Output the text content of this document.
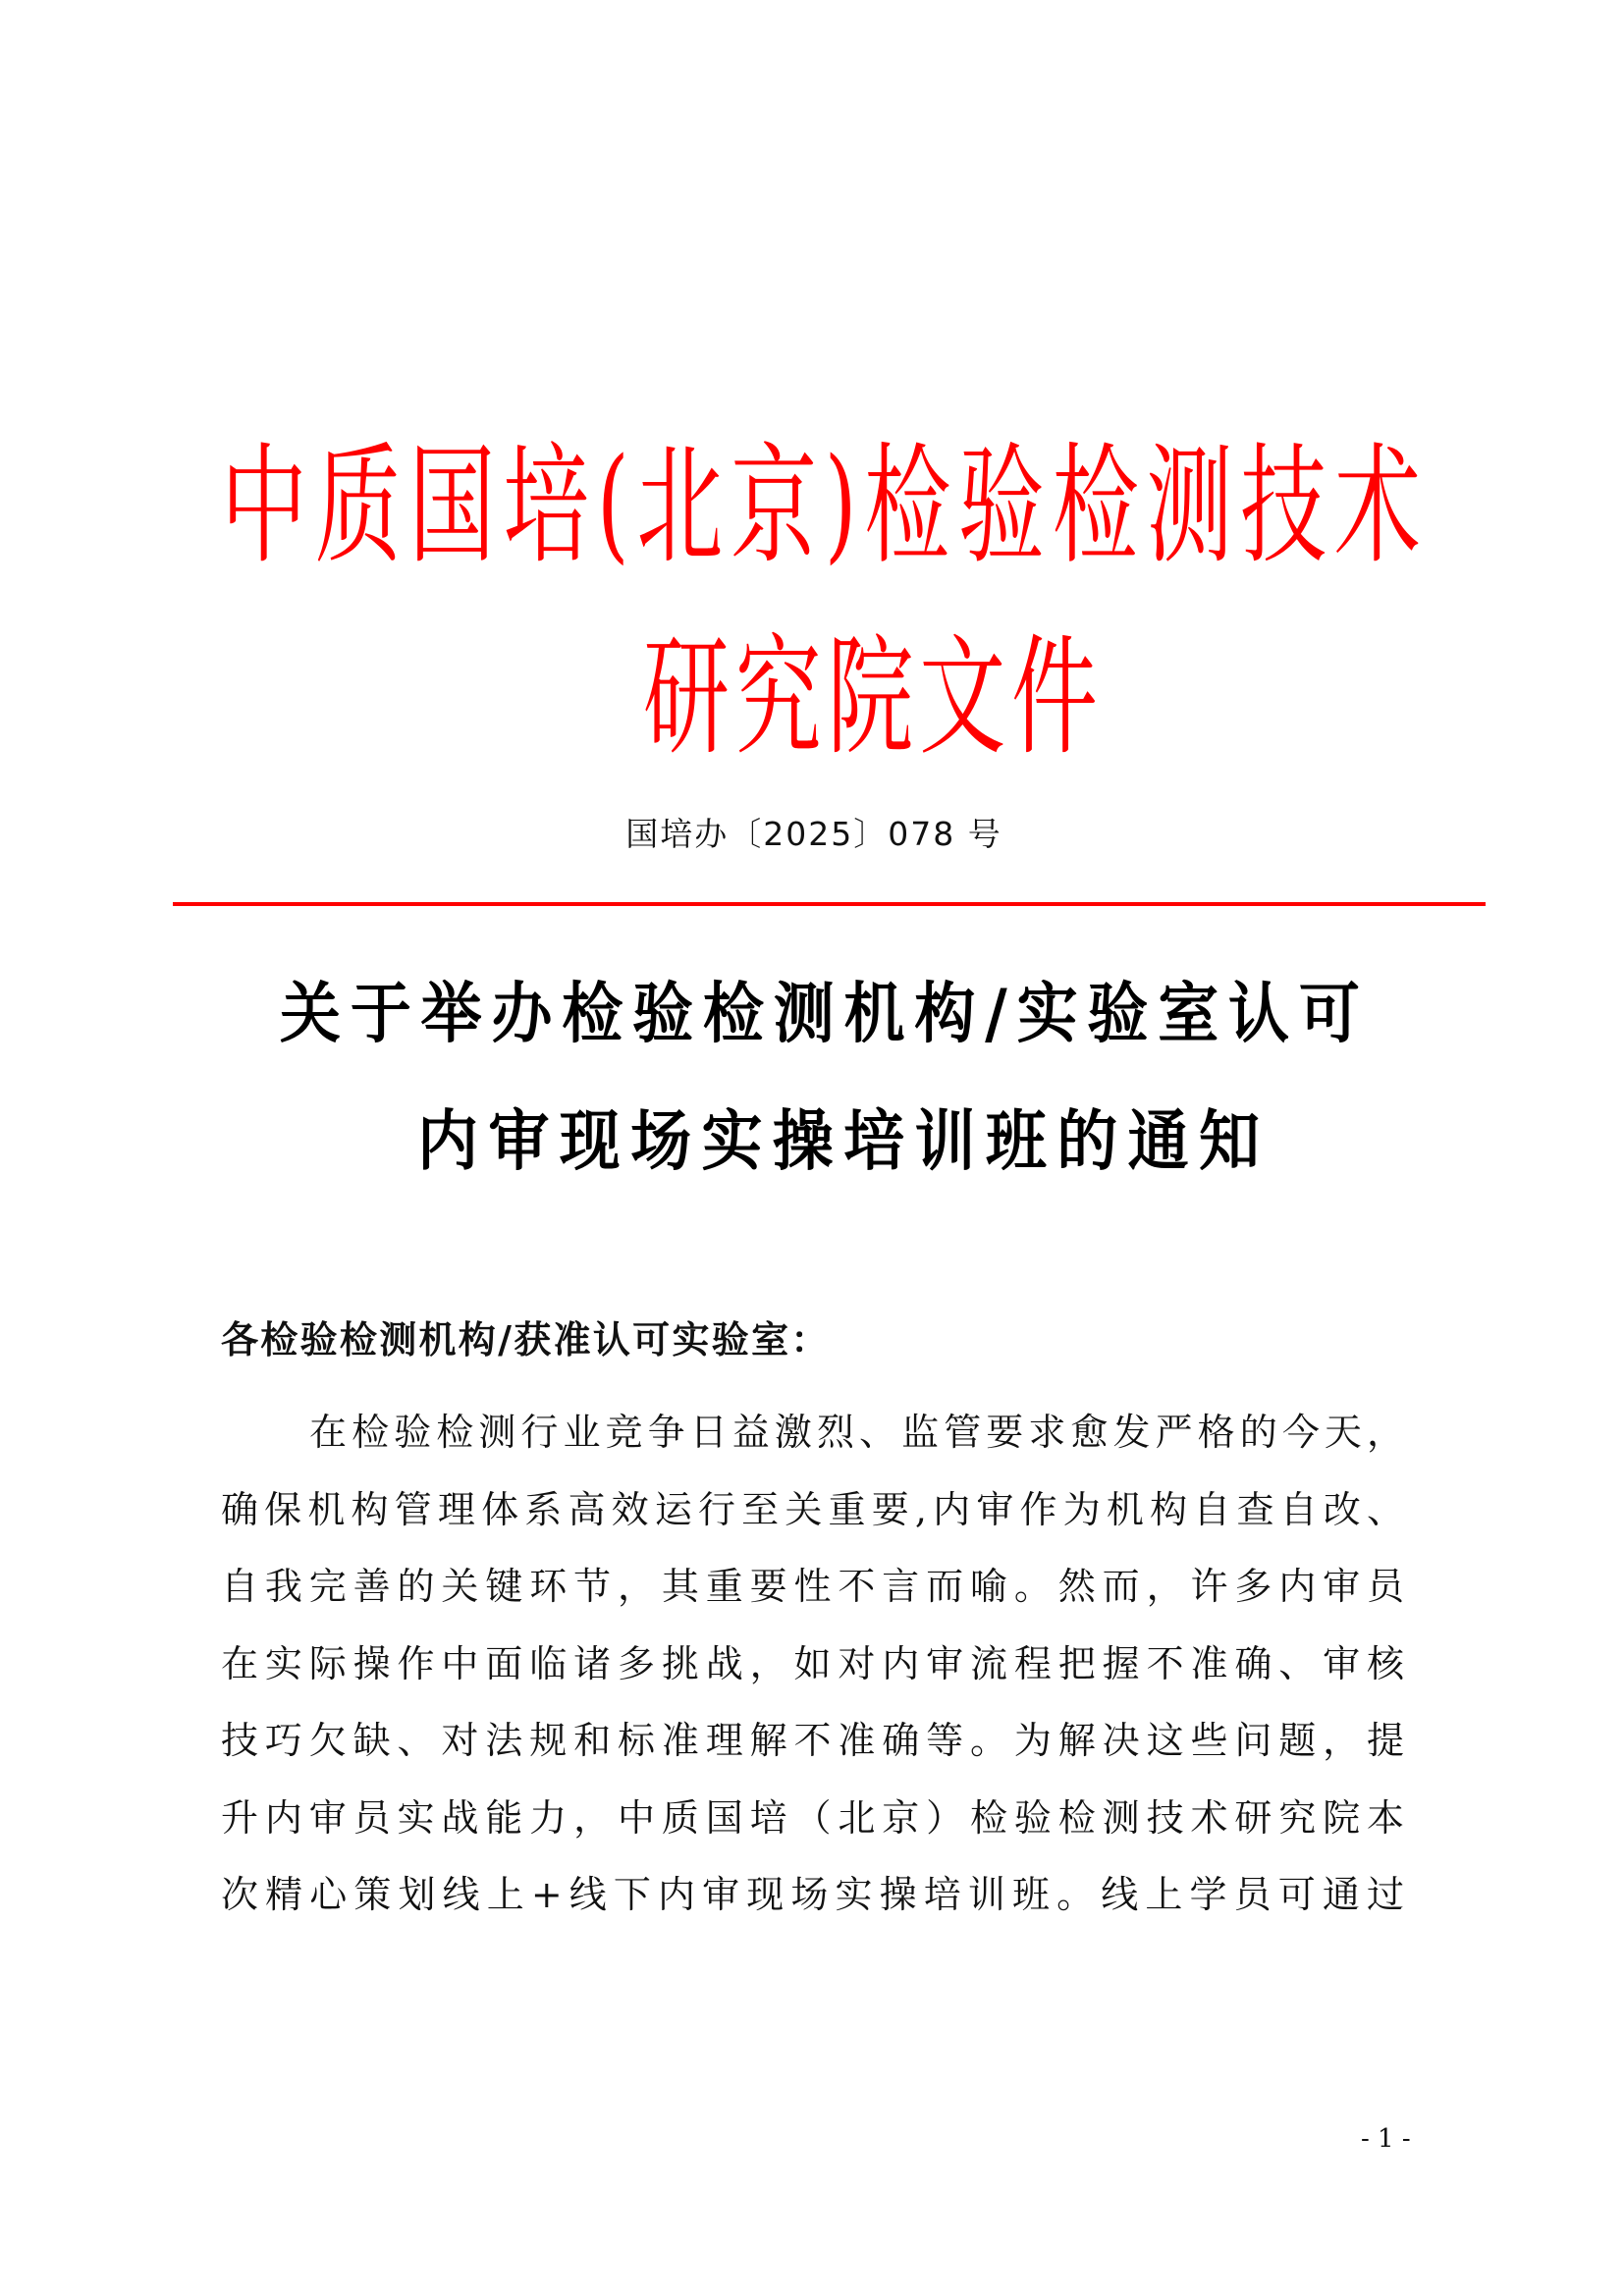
中 质 国 培 ( 北 京 ) 检 验 检 测 技 术
研 究 院 文 件
国培办〔2025〕078 号
关 于 举 办 检 验 检 测 机 构 / 实 验 室 认 可
内 审 现 场 实 操 培 训 班 的 通 知
各检验检测机构/获准认可实验室：
在检验检测行业竞争日益激烈、监管要求愈发严格的今天，
确保机构管理体系高效运行至关重要,内审作为机构自查自改、
自我完善的关键环节，其重要性不言而喻。然而，许多内审员
在实际操作中面临诸多挑战，如对内审流程把握不准确、审核
技巧欠缺、对法规和标准理解不准确等。为解决这些问题，提
升内审员实战能力，中质国培（北京）检验检测技术研究院本
次精心策划线上+线下内审现场实操培训班。线上学员可通过
- 1 -
